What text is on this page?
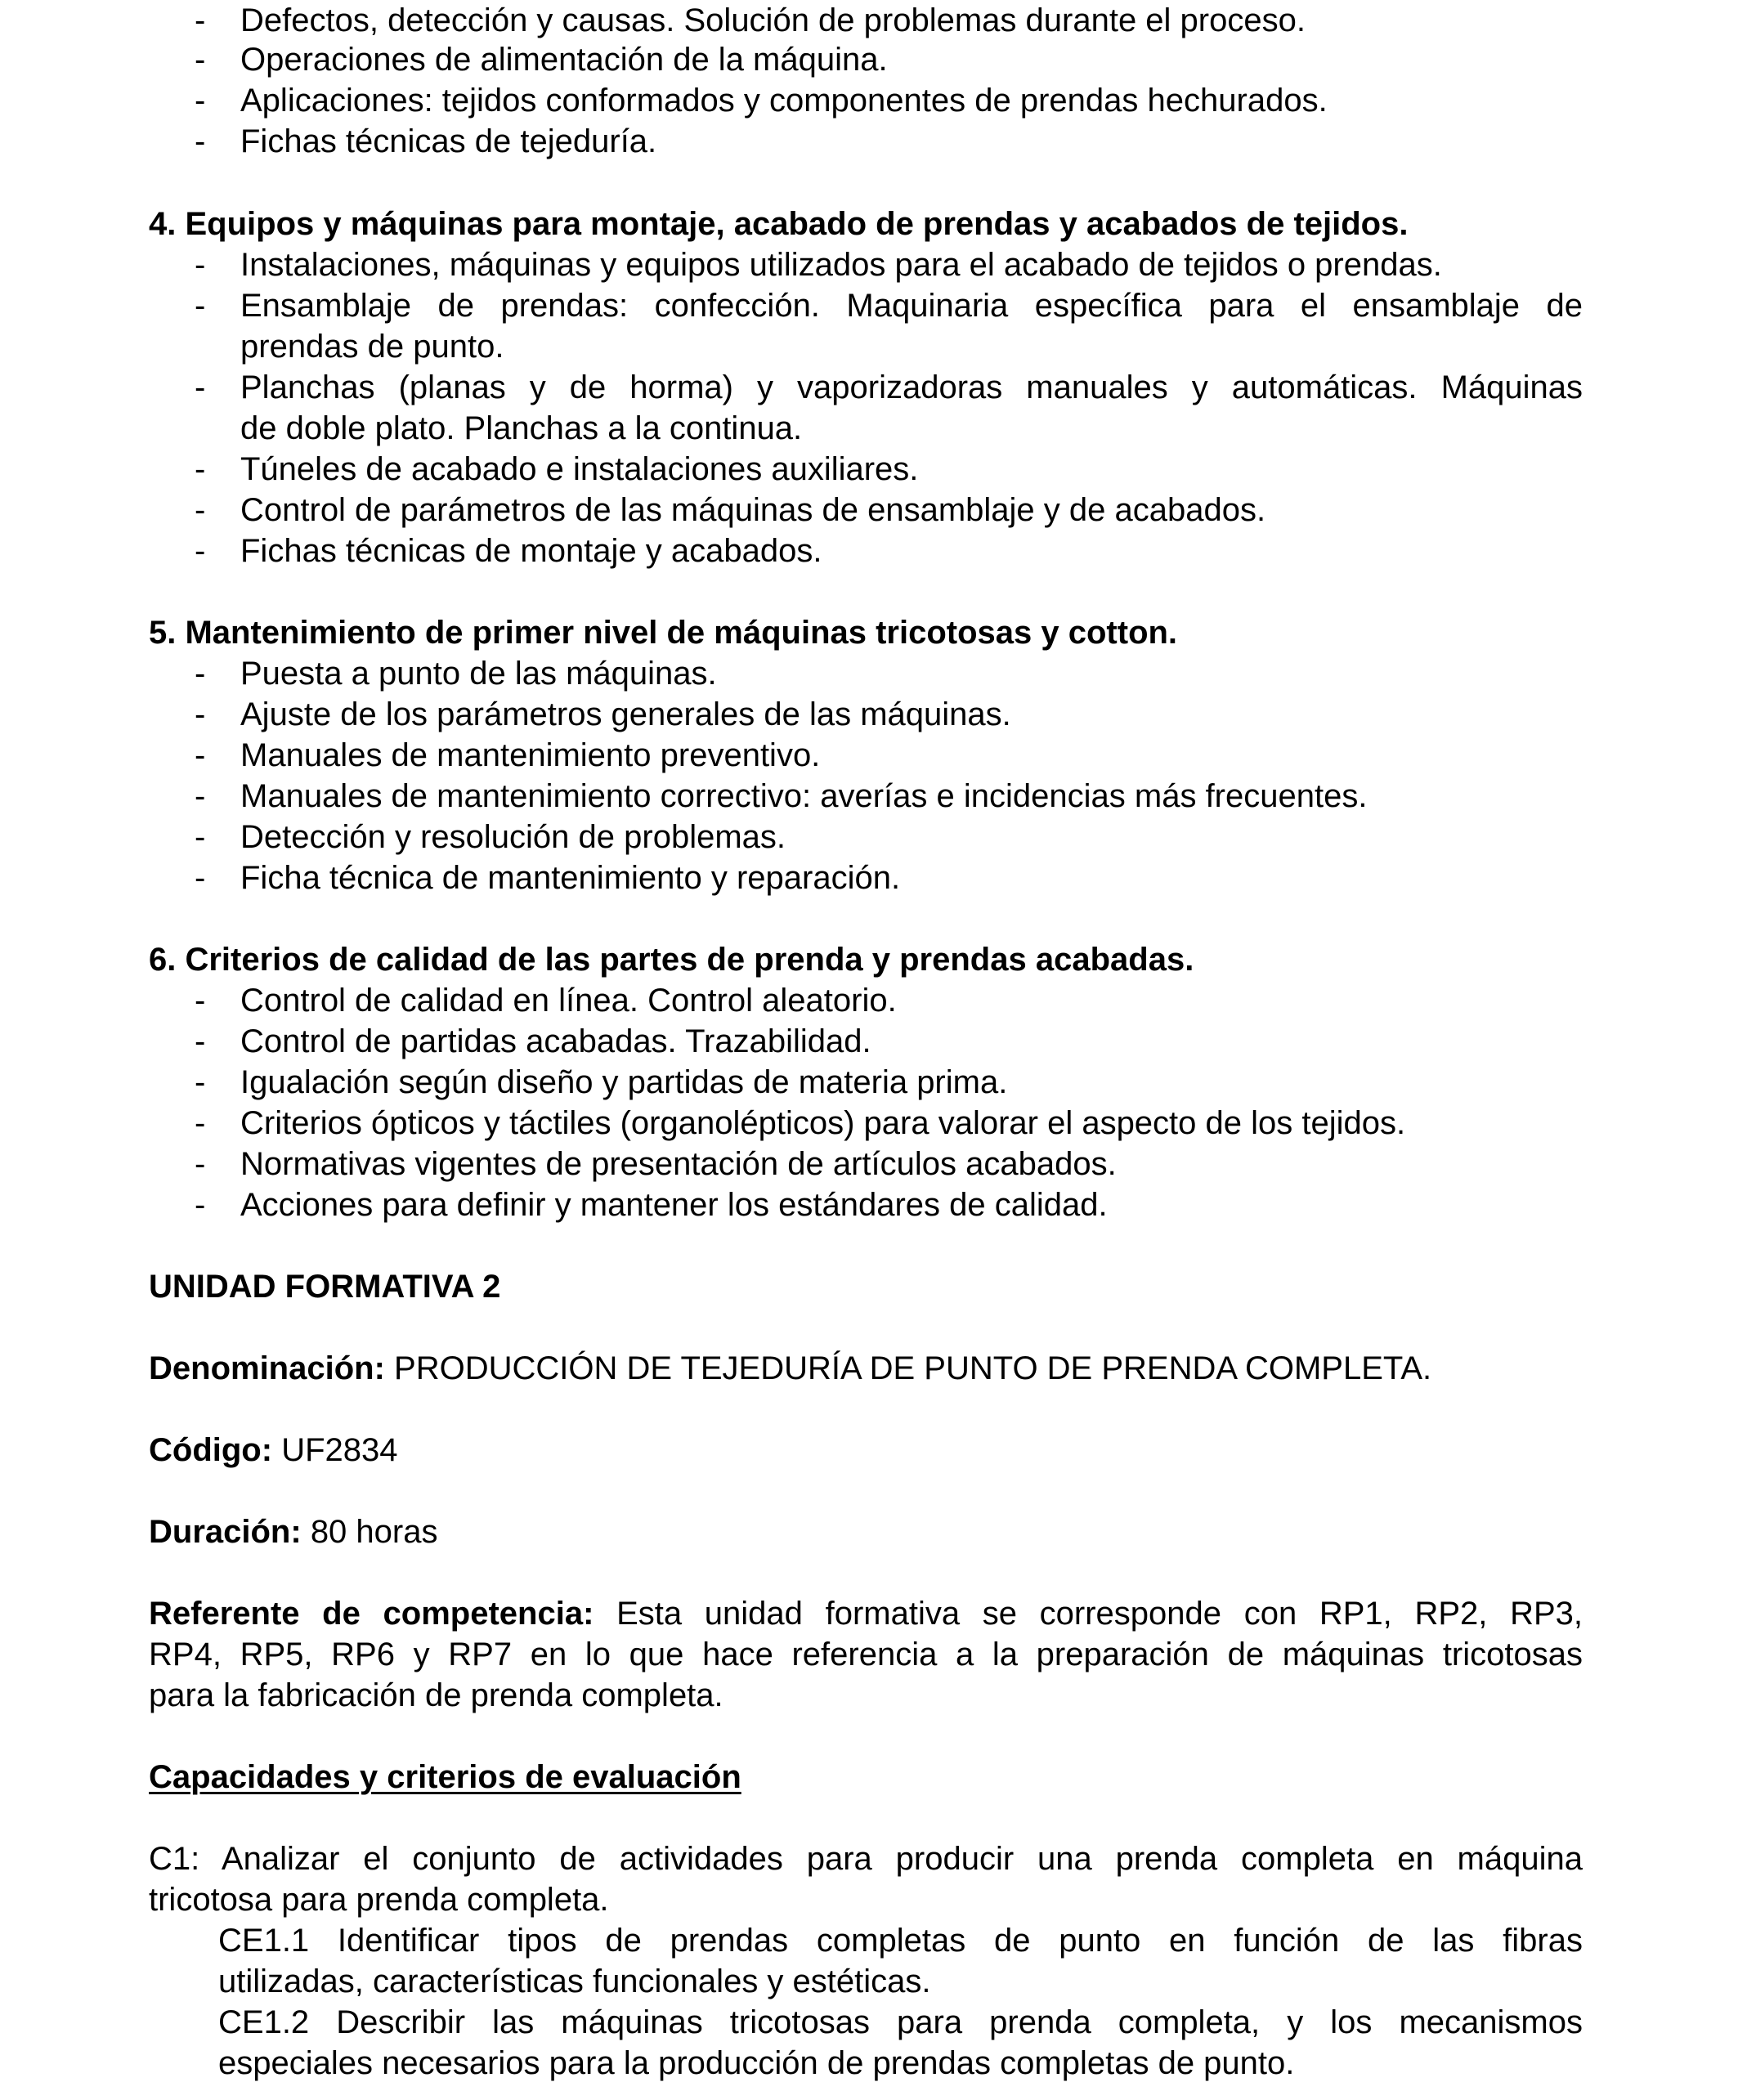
- Defectos, detección y causas. Solución de problemas durante el proceso.
- Operaciones de alimentación de la máquina.
- Aplicaciones: tejidos conformados y componentes de prendas hechurados.
- Fichas técnicas de tejeduría.
4. Equipos y máquinas para montaje, acabado de prendas y acabados de tejidos.
- Instalaciones, máquinas y equipos utilizados para el acabado de tejidos o prendas.
- Ensamblaje de prendas: confección. Maquinaria específica para el ensamblaje de
prendas de punto.
- Planchas (planas y de horma) y vaporizadoras manuales y automáticas. Máquinas
de doble plato. Planchas a la continua.
- Túneles de acabado e instalaciones auxiliares.
- Control de parámetros de las máquinas de ensamblaje y de acabados.
- Fichas técnicas de montaje y acabados.
5. Mantenimiento de primer nivel de máquinas tricotosas y cotton.
- Puesta a punto de las máquinas.
- Ajuste de los parámetros generales de las máquinas.
- Manuales de mantenimiento preventivo.
- Manuales de mantenimiento correctivo: averías e incidencias más frecuentes.
- Detección y resolución de problemas.
- Ficha técnica de mantenimiento y reparación.
6. Criterios de calidad de las partes de prenda y prendas acabadas.
- Control de calidad en línea. Control aleatorio.
- Control de partidas acabadas. Trazabilidad.
- Igualación según diseño y partidas de materia prima.
- Criterios ópticos y táctiles (organolépticos) para valorar el aspecto de los tejidos.
- Normativas vigentes de presentación de artículos acabados.
- Acciones para definir y mantener los estándares de calidad.
UNIDAD FORMATIVA 2
Denominación: PRODUCCIÓN DE TEJEDURÍA DE PUNTO DE PRENDA COMPLETA.
Código: UF2834
Duración: 80 horas
Referente de competencia: Esta unidad formativa se corresponde con RP1, RP2, RP3,
RP4, RP5, RP6 y RP7 en lo que hace referencia a la preparación de máquinas tricotosas
para la fabricación de prenda completa.
Capacidades y criterios de evaluación
C1: Analizar el conjunto de actividades para producir una prenda completa en máquina
tricotosa para prenda completa.
CE1.1 Identificar tipos de prendas completas de punto en función de las fibras
utilizadas, características funcionales y estéticas.
CE1.2 Describir las máquinas tricotosas para prenda completa, y los mecanismos
especiales necesarios para la producción de prendas completas de punto.
